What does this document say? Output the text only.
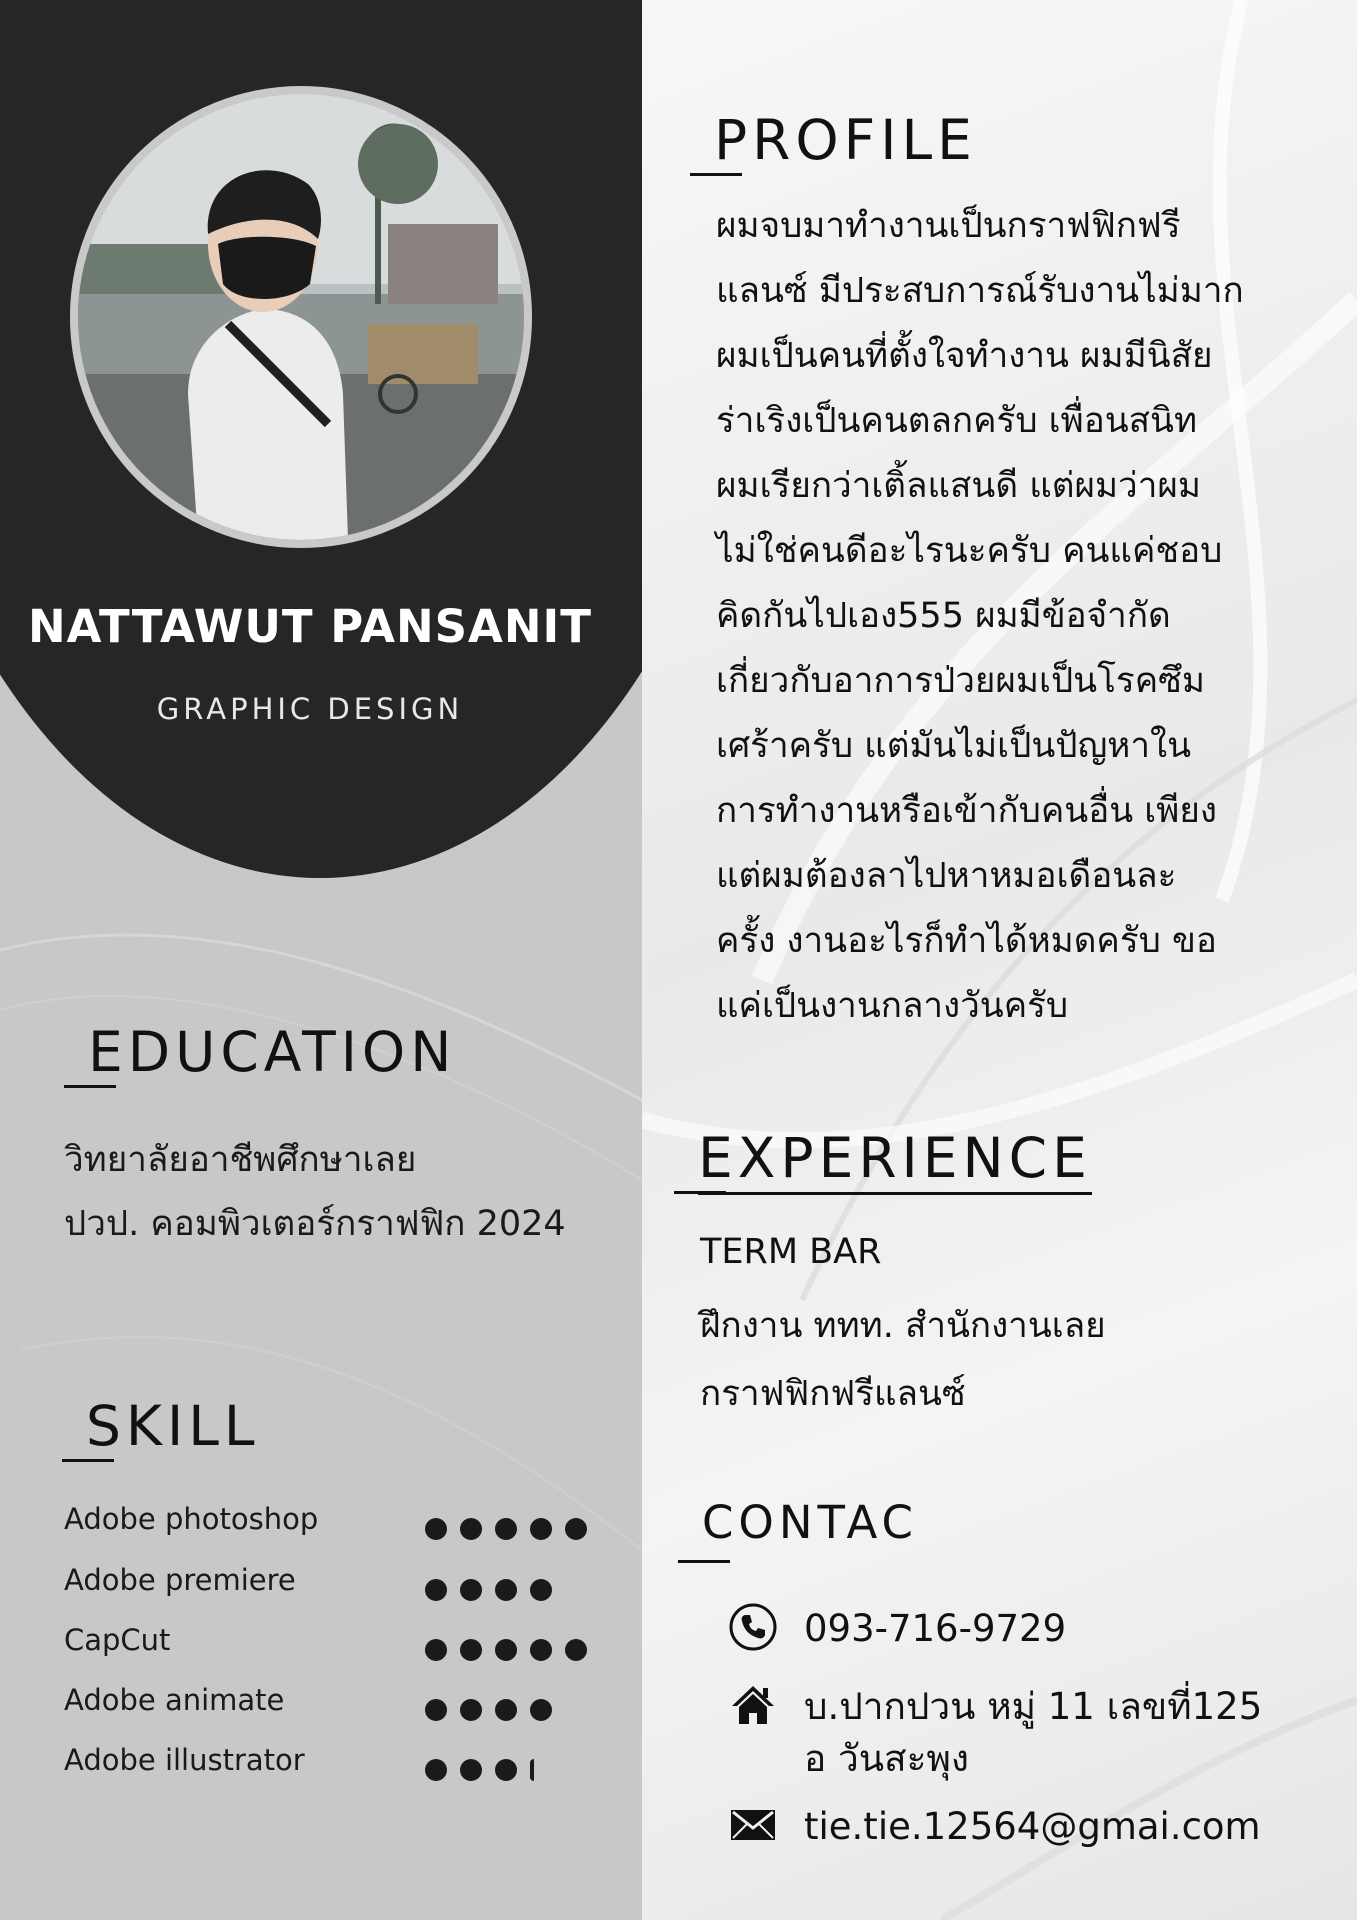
NATTAWUT PANSANIT
GRAPHIC DESIGN
PROFILE
ผมจบมาทำงานเป็นกราฟฟิกฟรี
แลนซ์ มีประสบการณ์รับงานไม่มาก
ผมเป็นคนที่ตั้งใจทำงาน ผมมีนิสัย
ร่าเริงเป็นคนตลกครับ เพื่อนสนิท
ผมเรียกว่าเติ้ลแสนดี แต่ผมว่าผม
ไม่ใช่คนดีอะไรนะครับ คนแค่ชอบ
คิดกันไปเอง555 ผมมีข้อจำกัด
เกี่ยวกับอาการป่วยผมเป็นโรคซึม
เศร้าครับ แต่มันไม่เป็นปัญหาใน
การทำงานหรือเข้ากับคนอื่น เพียง
แต่ผมต้องลาไปหาหมอเดือนละ
ครั้ง งานอะไรก็ทำได้หมดครับ ขอ
แค่เป็นงานกลางวันครับ
EDUCATION
วิทยาลัยอาชีพศึกษาเลย
ปวป. คอมพิวเตอร์กราฟฟิก 2024
SKILL
Adobe photoshop
Adobe premiere
CapCut
Adobe animate
Adobe illustrator
EXPERIENCE
TERM BAR
ฝึกงาน ททท. สำนักงานเลย
กราฟฟิกฟรีแลนซ์
CONTAC
093-716-9729
บ.ปากปวน หมู่ 11 เลขที่125
อ วันสะพุง
tie.tie.12564@gmai.com
